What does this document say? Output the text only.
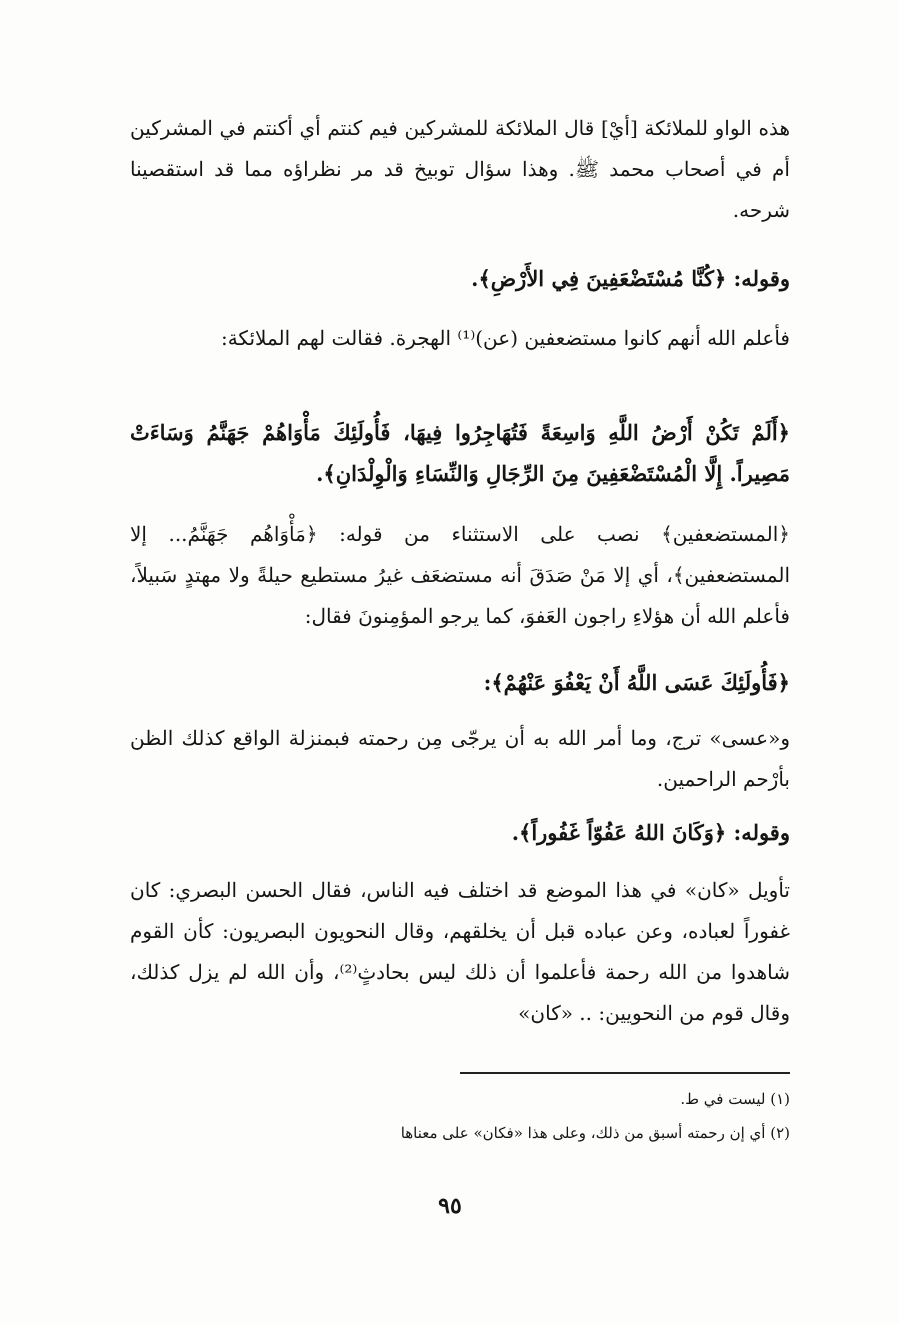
هذه الواو للملائكة [أيْ] قال الملائكة للمشركين فيم كنتم أي أكنتم في المشركين أم في أصحاب محمد ﷺ. وهذا سؤال توبيخ قد مر نظراؤه مما قد استقصينا شرحه.

وقوله: ﴿كُنَّا مُسْتَضْعَفِينَ فِي الأَرْضِ﴾.

فأعلم الله أنهم كانوا مستضعفين (عن)⁽¹⁾ الهجرة. فقالت لهم الملائكة:

﴿أَلَمْ تَكُنْ أَرْضُ اللَّهِ وَاسِعَةً فَتُهَاجِرُوا فِيهَا، فَأُولَئِكَ مَأْوَاهُمْ جَهَنَّمُ وَسَاءَتْ مَصِيراً. إِلَّا الْمُسْتَضْعَفِينَ مِنَ الرِّجَالِ وَالنِّسَاءِ وَالْوِلْدَانِ﴾.

﴿المستضعفين﴾ نصب على الاستثناء من قوله: ﴿مَأْوَاهُم جَهَنَّمُ... إلا المستضعفين﴾، أي إلا مَنْ صَدَقَ أنه مستضعَف غيرُ مستطيع حيلةً ولا مهتدٍ سَبيلاً، فأعلم الله أن هؤلاءِ راجون العَفوَ، كما يرجو المؤمِنونَ فقال:

﴿فَأُولَئِكَ عَسَى اللَّهُ أَنْ يَعْفُوَ عَنْهُمْ﴾:

و«عسى» ترج، وما أمر الله به أن يرجّى مِن رحمته فبمنزلة الواقع كذلك الظن بأرْحم الراحمين.

وقوله: ﴿وَكَانَ اللهُ عَفُوّاً غَفُوراً﴾.

تأويل «كان» في هذا الموضع قد اختلف فيه الناس، فقال الحسن البصري: كان غفوراً لعباده، وعن عباده قبل أن يخلقهم، وقال النحويون البصريون: كأن القوم شاهدوا من الله رحمة فأعلموا أن ذلك ليس بحادثٍ⁽²⁾، وأن الله لم يزل كذلك، وقال قوم من النحويين: .. «كان»

(١) ليست في ط.

(٢) أي إن رحمته أسبق من ذلك، وعلى هذا «فكان» على معناها

٩٥
